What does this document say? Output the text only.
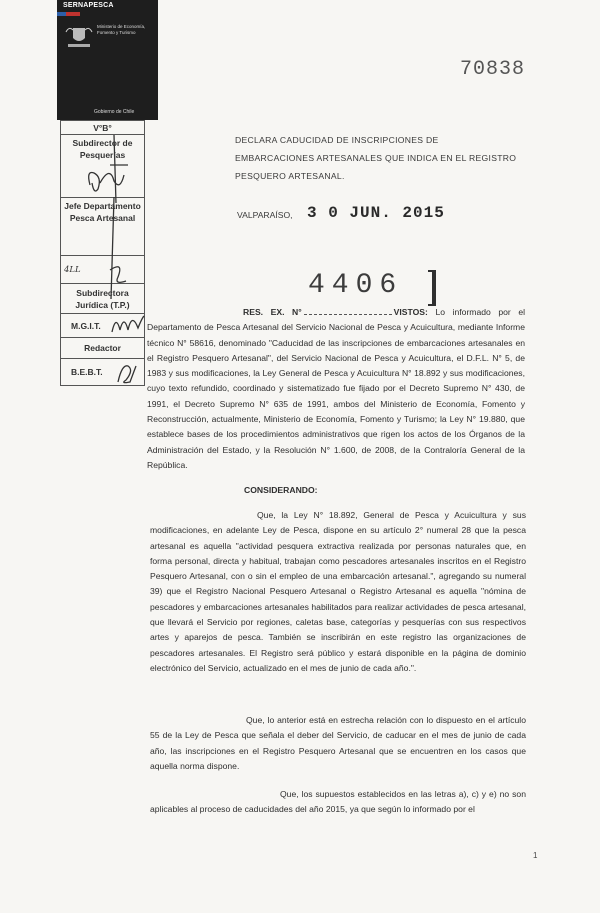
SERNAPESCA
Ministerio de Economía, Fomento y Turismo
Gobierno de Chile
70838
V°B°

Subdirector de Pesquerías

Jefe Departamento Pesca Artesanal

4LL

Subdirectora Jurídica (T.P.)

M.G.I.T.
Redactor
B.E.B.T.
DECLARA CADUCIDAD DE INSCRIPCIONES DE EMBARCACIONES ARTESANALES QUE INDICA EN EL REGISTRO PESQUERO ARTESANAL.
VALPARAÍSO, 3 0 JUN. 2015
4406
RES. EX. N°	VISTOS: Lo informado por el Departamento de Pesca Artesanal del Servicio Nacional de Pesca y Acuicultura, mediante Informe técnico N° 58616, denominado "Caducidad de las inscripciones de embarcaciones artesanales en el Registro Pesquero Artesanal", del Servicio Nacional de Pesca y Acuicultura, el D.F.L. N° 5, de 1983 y sus modificaciones, la Ley General de Pesca y Acuicultura N° 18.892 y sus modificaciones, cuyo texto refundido, coordinado y sistematizado fue fijado por el Decreto Supremo N° 430, de 1991, el Decreto Supremo N° 635 de 1991, ambos del Ministerio de Economía, Fomento y Reconstrucción, actualmente, Ministerio de Economía, Fomento y Turismo; la Ley N° 19.880, que establece bases de los procedimientos administrativos que rigen los actos de los Órganos de la Administración del Estado, y la Resolución N° 1.600, de 2008, de la Contraloría General de la República.
CONSIDERANDO:
Que, la Ley N° 18.892, General de Pesca y Acuicultura y sus modificaciones, en adelante Ley de Pesca, dispone en su artículo 2° numeral 28 que la pesca artesanal es aquella "actividad pesquera extractiva realizada por personas naturales que, en forma personal, directa y habitual, trabajan como pescadores artesanales inscritos en el Registro Pesquero Artesanal, con o sin el empleo de una embarcación artesanal.", agregando su numeral 39) que el Registro Nacional Pesquero Artesanal o Registro Artesanal es aquella "nómina de pescadores y embarcaciones artesanales habilitados para realizar actividades de pesca artesanal, que llevará el Servicio por regiones, caletas base, categorías y pesquerías con sus respectivos artes y aparejos de pesca. También se inscribirán en este registro las organizaciones de pescadores artesanales. El Registro será público y estará disponible en la página de dominio electrónico del Servicio, actualizado en el mes de junio de cada año.".
Que, lo anterior está en estrecha relación con lo dispuesto en el artículo 55 de la Ley de Pesca que señala el deber del Servicio, de caducar en el mes de junio de cada año, las inscripciones en el Registro Pesquero Artesanal que se encuentren en los casos que aquella norma dispone.
Que, los supuestos establecidos en las letras a), c) y e) no son aplicables al proceso de caducidades del año 2015, ya que según lo informado por el
1
